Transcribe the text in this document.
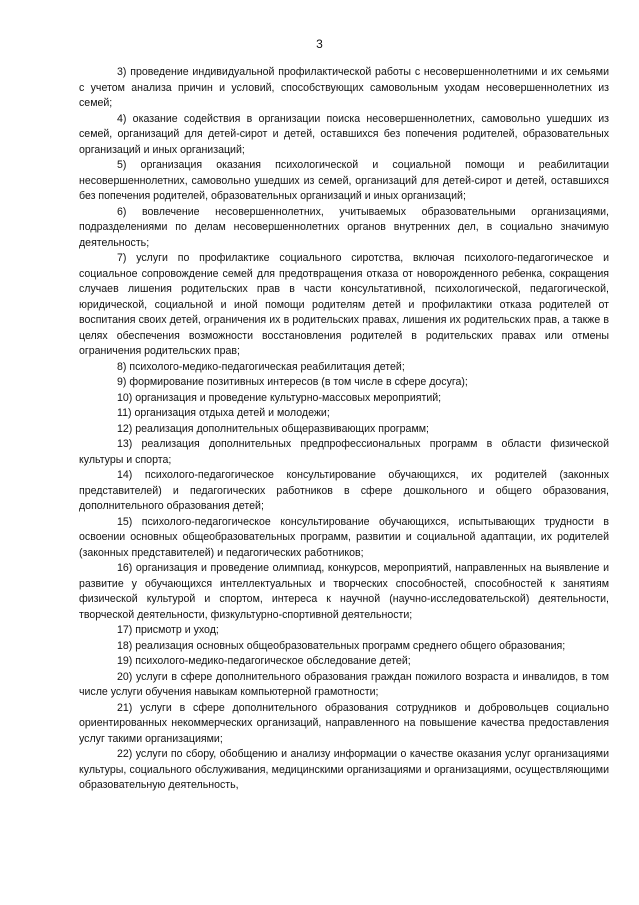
3

3) проведение индивидуальной профилактической работы с несовершеннолетними и их семьями с учетом анализа причин и условий, способствующих самовольным уходам несовершеннолетних из семей;

4) оказание содействия в организации поиска несовершеннолетних, самовольно ушедших из семей, организаций для детей-сирот и детей, оставшихся без попечения родителей, образовательных организаций и иных организаций;

5) организация оказания психологической и социальной помощи и реабилитации несовершеннолетних, самовольно ушедших из семей, организаций для детей-сирот и детей, оставшихся без попечения родителей, образовательных организаций и иных организаций;

6) вовлечение несовершеннолетних, учитываемых образовательными организациями, подразделениями по делам несовершеннолетних органов внутренних дел, в социально значимую деятельность;

7) услуги по профилактике социального сиротства, включая психолого-педагогическое и социальное сопровождение семей для предотвращения отказа от новорожденного ребенка, сокращения случаев лишения родительских прав в части консультативной, психологической, педагогической, юридической, социальной и иной помощи родителям детей и профилактики отказа родителей от воспитания своих детей, ограничения их в родительских правах, лишения их родительских прав, а также в целях обеспечения возможности восстановления родителей в родительских правах или отмены ограничения родительских прав;

8) психолого-медико-педагогическая реабилитация детей;

9) формирование позитивных интересов (в том числе в сфере досуга);

10) организация и проведение культурно-массовых мероприятий;

11) организация отдыха детей и молодежи;

12) реализация дополнительных общеразвивающих программ;

13) реализация дополнительных предпрофессиональных программ в области физической культуры и спорта;

14) психолого-педагогическое консультирование обучающихся, их родителей (законных представителей) и педагогических работников в сфере дошкольного и общего образования, дополнительного образования детей;

15) психолого-педагогическое консультирование обучающихся, испытывающих трудности в освоении основных общеобразовательных программ, развитии и социальной адаптации, их родителей (законных представителей) и педагогических работников;

16) организация и проведение олимпиад, конкурсов, мероприятий, направленных на выявление и развитие у обучающихся интеллектуальных и творческих способностей, способностей к занятиям физической культурой и спортом, интереса к научной (научно-исследовательской) деятельности, творческой деятельности, физкультурно-спортивной деятельности;

17) присмотр и уход;

18) реализация основных общеобразовательных программ среднего общего образования;

19) психолого-медико-педагогическое обследование детей;

20) услуги в сфере дополнительного образования граждан пожилого возраста и инвалидов, в том числе услуги обучения навыкам компьютерной грамотности;

21) услуги в сфере дополнительного образования сотрудников и добровольцев социально ориентированных некоммерческих организаций, направленного на повышение качества предоставления услуг такими организациями;

22) услуги по сбору, обобщению и анализу информации о качестве оказания услуг организациями культуры, социального обслуживания, медицинскими организациями и организациями, осуществляющими образовательную деятельность,
